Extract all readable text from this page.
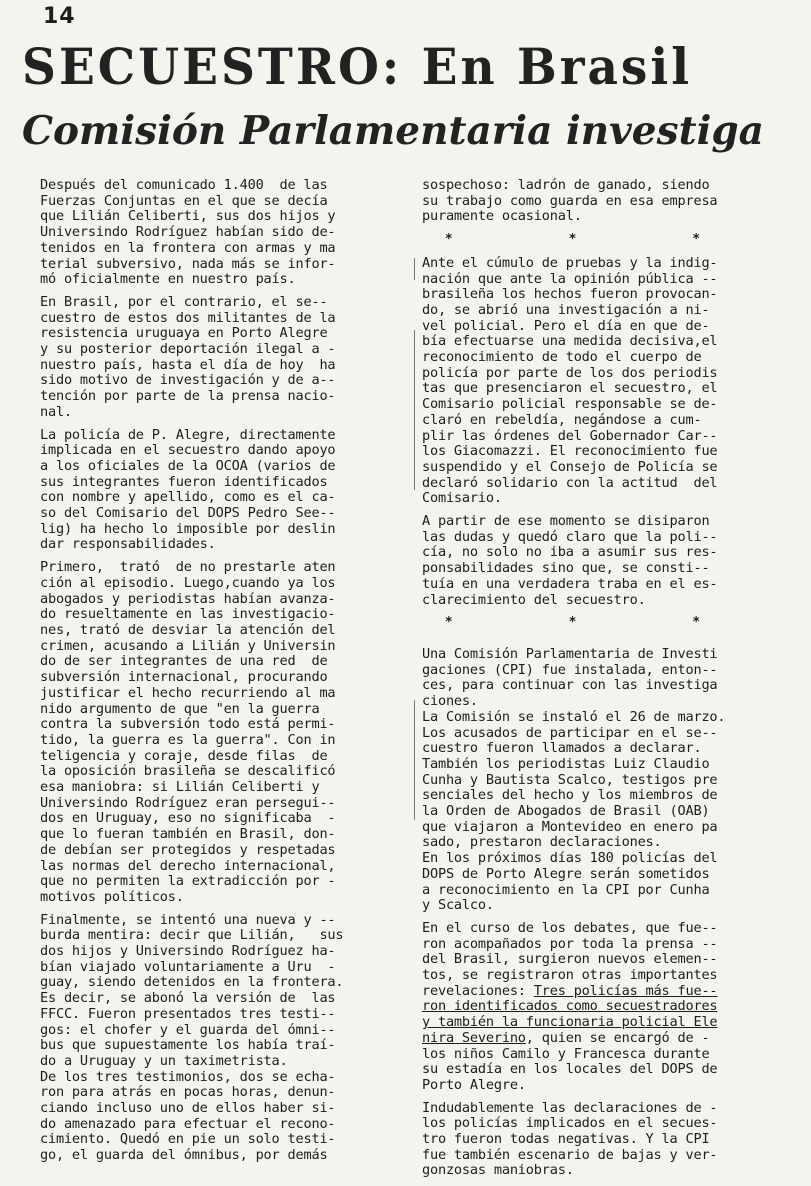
14
SECUESTRO: En Brasil
Comisión Parlamentaria investiga

Después del comunicado 1.400  de las
Fuerzas Conjuntas en el que se decía
que Lilián Celiberti, sus dos hijos y
Universindo Rodríguez habían sido de-
tenidos en la frontera con armas y ma
terial subversivo, nada más se infor-
mó oficialmente en nuestro país.

En Brasil, por el contrario, el se--
cuestro de estos dos militantes de la
resistencia uruguaya en Porto Alegre
y su posterior deportación ilegal a -
nuestro país, hasta el día de hoy  ha
sido motivo de investigación y de a--
tención por parte de la prensa nacio-
nal.

La policía de P. Alegre, directamente
implicada en el secuestro dando apoyo
a los oficiales de la OCOA (varios de
sus integrantes fueron identificados
con nombre y apellido, como es el ca-
so del Comisario del DOPS Pedro See--
lig) ha hecho lo imposible por deslin
dar responsabilidades.

Primero,  trató  de no prestarle aten
ción al episodio. Luego,cuando ya los
abogados y periodistas habían avanza-
do resueltamente en las investigacio-
nes, trató de desviar la atención del
crimen, acusando a Lilián y Universin
do de ser integrantes de una red  de
subversión internacional, procurando
justificar el hecho recurriendo al ma
nido argumento de que "en la guerra
contra la subversión todo está permi-
tido, la guerra es la guerra". Con in
teligencia y coraje, desde filas  de
la oposición brasileña se descalificó
esa maniobra: si Lilián Celiberti y
Universindo Rodríguez eran persegui--
dos en Uruguay, eso no significaba  -
que lo fueran también en Brasil, don-
de debían ser protegidos y respetadas
las normas del derecho internacional,
que no permiten la extradicción por -
motivos políticos.

Finalmente, se intentó una nueva y --
burda mentira: decir que Lilián,   sus
dos hijos y Universindo Rodríguez ha-
bían viajado voluntariamente a Uru  -
guay, siendo detenidos en la frontera.
Es decir, se abonó la versión de  las
FFCC. Fueron presentados tres testi--
gos: el chofer y el guarda del ómni--
bus que supuestamente los había traí-
do a Uruguay y un taximetrista.
De los tres testimonios, dos se echa-
ron para atrás en pocas horas, denun-
ciando incluso uno de ellos haber si-
do amenazado para efectuar el recono-
cimiento. Quedó en pie un solo testi-
go, el guarda del ómnibus, por demás

sospechoso: ladrón de ganado, siendo
su trabajo como guarda en esa empresa
puramente ocasional.

* * *

Ante el cúmulo de pruebas y la indig-
nación que ante la opinión pública --
brasileña los hechos fueron provocan-
do, se abrió una investigación a ni-
vel policial. Pero el día en que de-
bía efectuarse una medida decisiva,el
reconocimiento de todo el cuerpo de
policía por parte de los dos periodis
tas que presenciaron el secuestro, el
Comisario policial responsable se de-
claró en rebeldía, negándose a cum-
plir las órdenes del Gobernador Car--
los Giacomazzi. El reconocimiento fue
suspendido y el Consejo de Policía se
declaró solidario con la actitud  del
Comisario.

A partir de ese momento se disiparon
las dudas y quedó claro que la poli--
cía, no solo no iba a asumir sus res-
ponsabilidades sino que, se consti--
tuía en una verdadera traba en el es-
clarecimiento del secuestro.

* * *

Una Comisión Parlamentaria de Investi
gaciones (CPI) fue instalada, enton--
ces, para continuar con las investiga
ciones.
La Comisión se instaló el 26 de marzo.
Los acusados de participar en el se--
cuestro fueron llamados a declarar.
También los periodistas Luiz Claudio
Cunha y Bautista Scalco, testigos pre
senciales del hecho y los miembros de
la Orden de Abogados de Brasil (OAB)
que viajaron a Montevideo en enero pa
sado, prestaron declaraciones.
En los próximos días 180 policías del
DOPS de Porto Alegre serán sometidos
a reconocimiento en la CPI por Cunha
y Scalco.

En el curso de los debates, que fue--
ron acompañados por toda la prensa --
del Brasil, surgieron nuevos elemen--
tos, se registraron otras importantes
revelaciones: Tres policías más fue--
ron identificados como secuestradores
y también la funcionaria policial Ele
nira Severino, quien se encargó de -
los niños Camilo y Francesca durante
su estadía en los locales del DOPS de
Porto Alegre.

Indudablemente las declaraciones de -
los policías implicados en el secues-
tro fueron todas negativas. Y la CPI
fue también escenario de bajas y ver-
gonzosas maniobras.
